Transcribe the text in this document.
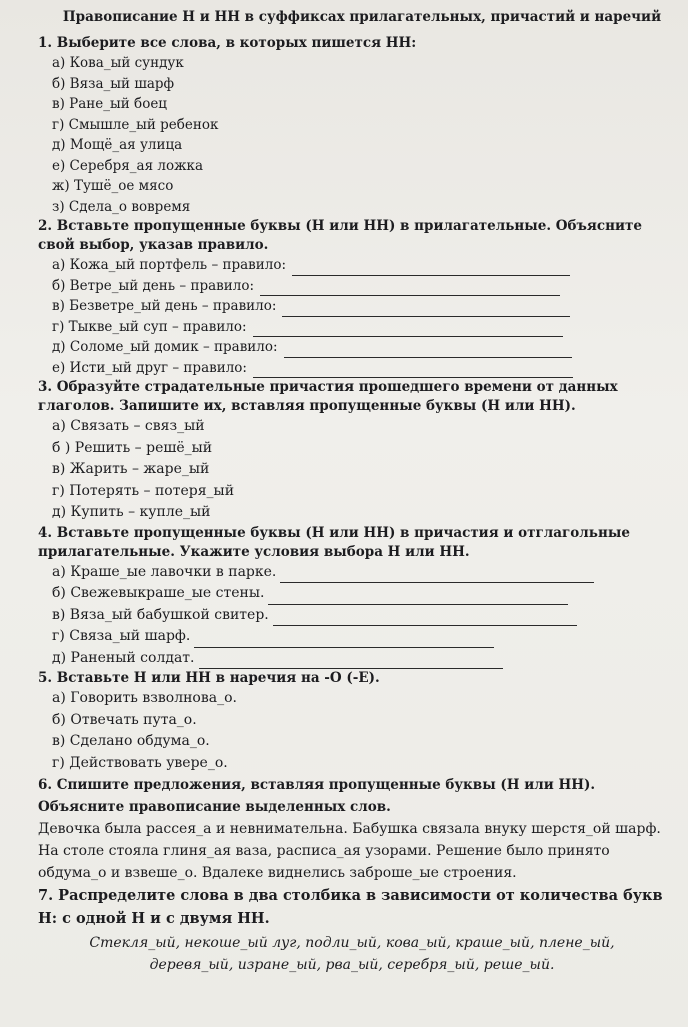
Правописание Н и НН в суффиксах прилагательных, причастий и наречий

1. Выберите все слова, в которых пишется НН:

а) Кова_ый сундук

б) Вяза_ый шарф

в) Ране_ый боец

г) Смышле_ый ребенок

д) Мощё_ая улица

е) Серебря_ая ложка

ж) Тушё_ое мясо

з) Сдела_о вовремя

2. Вставьте пропущенные буквы (Н или НН) в прилагательные. Объясните свой выбор, указав правило.

а) Кожа_ый портфель – правило:
б) Ветре_ый день – правило:
в) Безветре_ый день – правило:
г) Тыкве_ый суп – правило:
д) Соломе_ый домик – правило:
е) Исти_ый друг – правило:

3. Образуйте страдательные причастия прошедшего времени от данных глаголов. Запишите их, вставляя пропущенные буквы (Н или НН).

а) Связать – связ_ый

б ) Решить – решё_ый

в) Жарить – жаре_ый

г) Потерять – потеря_ый

д) Купить – купле_ый

4. Вставьте пропущенные буквы (Н или НН) в причастия и отглагольные прилагательные. Укажите условия выбора Н или НН.

а) Краше_ые лавочки в парке.
б) Свежевыкраше_ые стены.
в) Вяза_ый бабушкой свитер.
г) Связа_ый шарф.
д) Раненый солдат.

5. Вставьте Н или НН в наречия на -О (-Е).

а) Говорить взволнова_о.

б) Отвечать пута_о.

в) Сделано обдума_о.

г) Действовать увере_о.

6. Спишите предложения, вставляя пропущенные буквы (Н или НН). Объясните правописание выделенных слов.

Девочка была рассея_а и невнимательна. Бабушка связала внуку шерстя_ой шарф. На столе стояла глиня_ая ваза, расписа_ая узорами. Решение было принято обдума_о и взвеше_о. Вдалеке виднелись заброше_ые строения.

7. Распределите слова в два столбика в зависимости от количества букв Н: с одной Н и с двумя НН.

Стекля_ый, некоше_ый луг, подли_ый, кова_ый, краше_ый, плене_ый, деревя_ый, изране_ый, рва_ый, серебря_ый, реше_ый.
